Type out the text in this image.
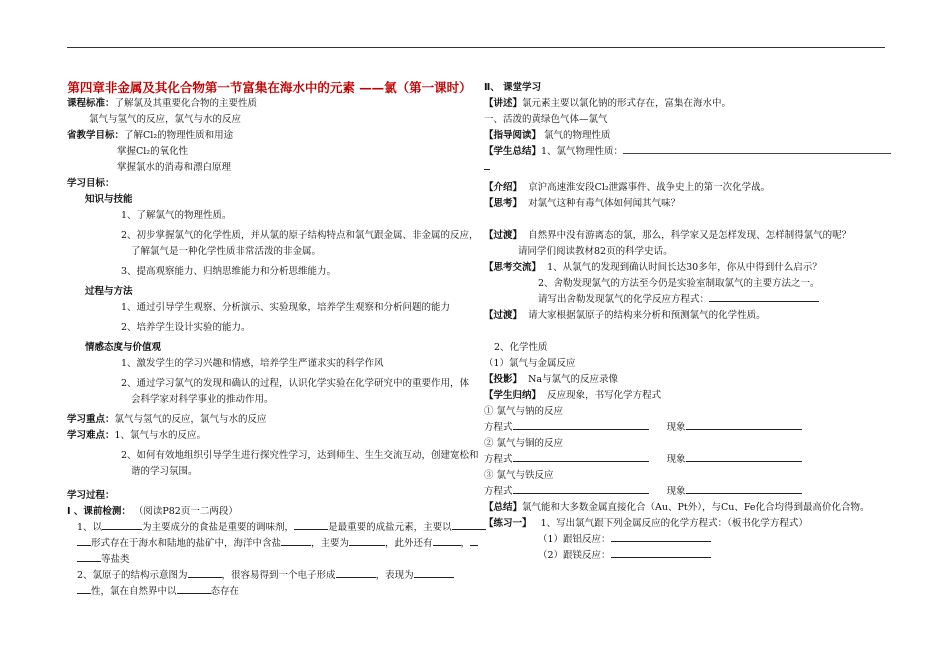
第四章非金属及其化合物第一节富集在海水中的元素 ——氯（第一课时）
课程标准：了解氯及其重要化合物的主要性质
氯气与氢气的反应，氯气与水的反应
省教学目标：了解Cl₂的物理性质和用途
掌握Cl₂的氧化性
掌握氯水的消毒和漂白原理
学习目标：
知识与技能
1、了解氯气的物理性质。
2、初步掌握氯气的化学性质，并从氯的原子结构特点和氯气跟金属、非金属的反应，
了解氯气是一种化学性质非常活泼的非金属。
3、提高观察能力、归纳思维能力和分析思维能力。
过程与方法
1、通过引导学生观察、分析演示、实验现象，培养学生观察和分析问题的能力
2、培养学生设计实验的能力。
情感态度与价值观
1、激发学生的学习兴趣和情感，培养学生严谨求实的科学作风
2、通过学习氯气的发现和确认的过程，认识化学实验在化学研究中的重要作用，体
会科学家对科学事业的推动作用。
学习重点：氯气与氢气的反应，氯气与水的反应
学习难点：1、氯气与水的反应。
2、如何有效地组织引导学生进行探究性学习，达到师生、生生交流互动，创建宽松和
谐的学习氛围。
学习过程：
Ⅰ 、课前检测： （阅读P82页一二两段）
1、以	为主要成分的食盐是重要的调味剂，	是最重要的成盐元素，主要以
形式存在于海水和陆地的盐矿中，海洋中含盐	，主要为	，此外还有	，
等盐类
2、氯原子的结构示意图为	，很容易得到一个电子形成	，表现为
性，氯在自然界中以	态存在
Ⅱ、 课堂学习
【讲述】氯元素主要以氯化钠的形式存在，富集在海水中。
一、活泼的黄绿色气体—氯气
【指导阅读】 氯气的物理性质
【学生总结】1、氯气物理性质：
【介绍】 京沪高速淮安段Cl₂泄露事件、战争史上的第一次化学战。
【思考】 对氯气这种有毒气体如何闻其气味？
【过渡】 自然界中没有游离态的氯，那么，科学家又是怎样发现、怎样制得氯气的呢？
请同学们阅读教材82页的科学史话。
【思考交流】 1、从氯气的发现到确认时间长达30多年，你从中得到什么启示？
2、舍勒发现氯气的方法至今仍是实验室制取氯气的主要方法之一。
请写出舍勒发现氯气的化学反应方程式：
【过渡】 请大家根据氯原子的结构来分析和预测氯气的化学性质。
2、化学性质
（1）氯气与金属反应
【投影】 Na与氯气的反应录像
【学生归纳】 反应现象，书写化学方程式
① 氯气与钠的反应
方程式	现象
② 氯气与铜的反应
方程式	现象
③ 氯气与铁反应
方程式	现象
【总结】氯气能和大多数金属直接化合（Au、Pt外），与Cu、Fe化合均得到最高价化合物。
【练习一】 1、写出氯气跟下列金属反应的化学方程式：（板书化学方程式）
（1）跟铝反应：
（2）跟镁反应：
